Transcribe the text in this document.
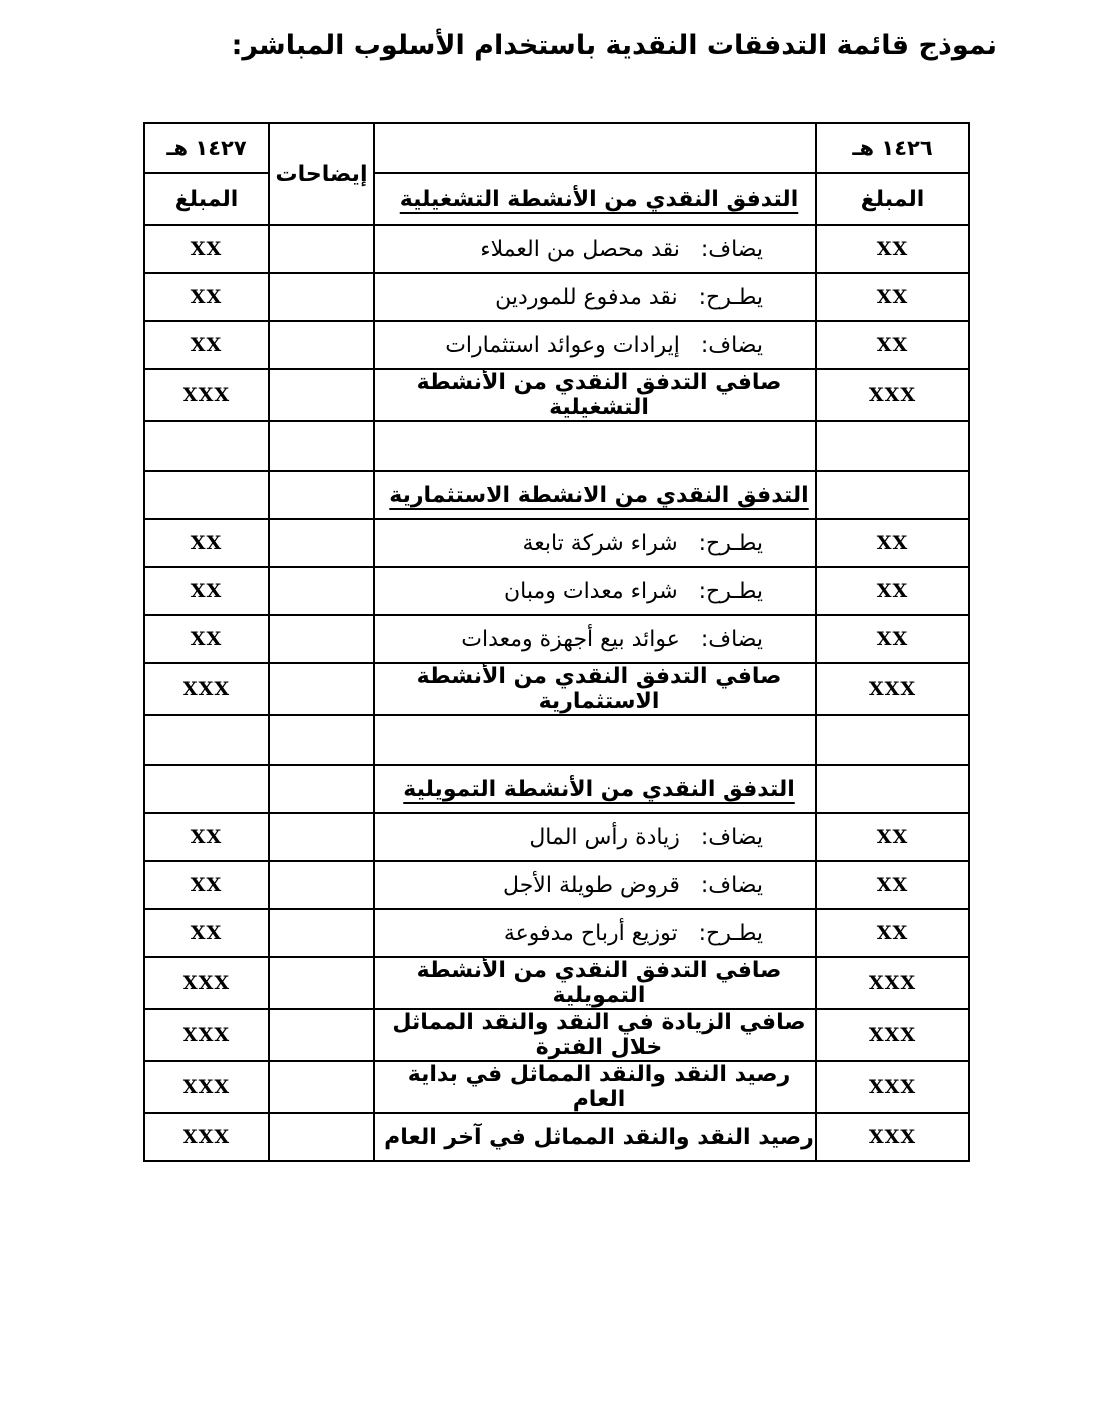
نموذج قائمة التدفقات النقدية باستخدام الأسلوب المباشر:
١٤٢٦ هـ		إيضاحات	١٤٢٧ هـ
المبلغ	التدفق النقدي من الأنشطة التشغيلية		المبلغ
XX	يضاف:   نقد محصل من العملاء		XX
XX	يطـرح:   نقد مدفوع للموردين		XX
XX	يضاف:   إيرادات وعوائد استثمارات		XX
XXX	صافي التدفق النقدي من الأنشطة التشغيلية		XXX

	التدفق النقدي من الانشطة الاستثمارية		
XX	يطـرح:   شراء شركة تابعة		XX
XX	يطـرح:   شراء معدات ومبان		XX
XX	يضاف:   عوائد بيع أجهزة ومعدات		XX
XXX	صافي التدفق النقدي من الأنشطة الاستثمارية		XXX

	التدفق النقدي من الأنشطة التمويلية		
XX	يضاف:   زيادة رأس المال		XX
XX	يضاف:   قروض طويلة الأجل		XX
XX	يطـرح:   توزيع أرباح مدفوعة		XX
XXX	صافي التدفق النقدي من الأنشطة التمويلية		XXX
XXX	صافي الزيادة في النقد والنقد المماثل خلال الفترة		XXX
XXX	رصيد النقد والنقد المماثل في بداية العام		XXX
XXX	رصيد النقد والنقد المماثل في آخر العام		XXX
